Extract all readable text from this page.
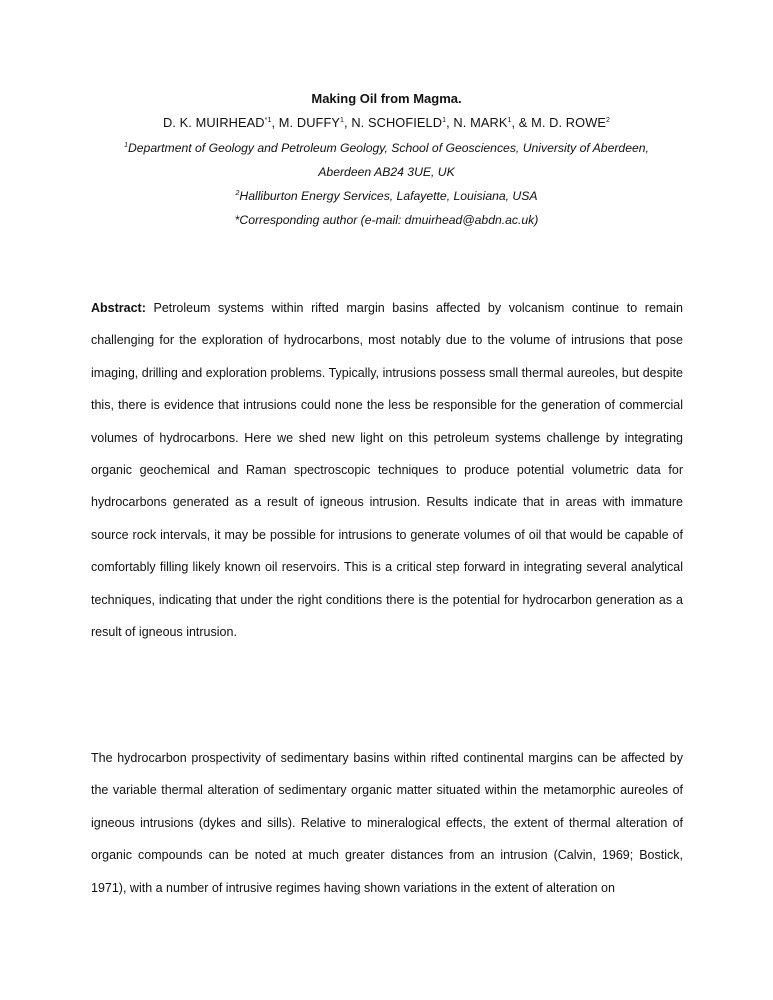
Making Oil from Magma.
D. K. MUIRHEAD$^{*1}$, M. DUFFY$^1$, N. SCHOFIELD$^1$, N. MARK$^1$, & M. D. ROWE$^2$
$^1$Department of Geology and Petroleum Geology, School of Geosciences, University of Aberdeen,
Aberdeen AB24 3UE, UK
$^2$Halliburton Energy Services, Lafayette, Louisiana, USA
*Corresponding author (e-mail: dmuirhead@abdn.ac.uk)

Abstract: Petroleum systems within rifted margin basins affected by volcanism continue to remain challenging for the exploration of hydrocarbons, most notably due to the volume of intrusions that pose imaging, drilling and exploration problems. Typically, intrusions possess small thermal aureoles, but despite this, there is evidence that intrusions could none the less be responsible for the generation of commercial volumes of hydrocarbons. Here we shed new light on this petroleum systems challenge by integrating organic geochemical and Raman spectroscopic techniques to produce potential volumetric data for hydrocarbons generated as a result of igneous intrusion. Results indicate that in areas with immature source rock intervals, it may be possible for intrusions to generate volumes of oil that would be capable of comfortably filling likely known oil reservoirs. This is a critical step forward in integrating several analytical techniques, indicating that under the right conditions there is the potential for hydrocarbon generation as a result of igneous intrusion.

The hydrocarbon prospectivity of sedimentary basins within rifted continental margins can be affected by the variable thermal alteration of sedimentary organic matter situated within the metamorphic aureoles of igneous intrusions (dykes and sills). Relative to mineralogical effects, the extent of thermal alteration of organic compounds can be noted at much greater distances from an intrusion (Calvin, 1969; Bostick, 1971), with a number of intrusive regimes having shown variations in the extent of alteration on
